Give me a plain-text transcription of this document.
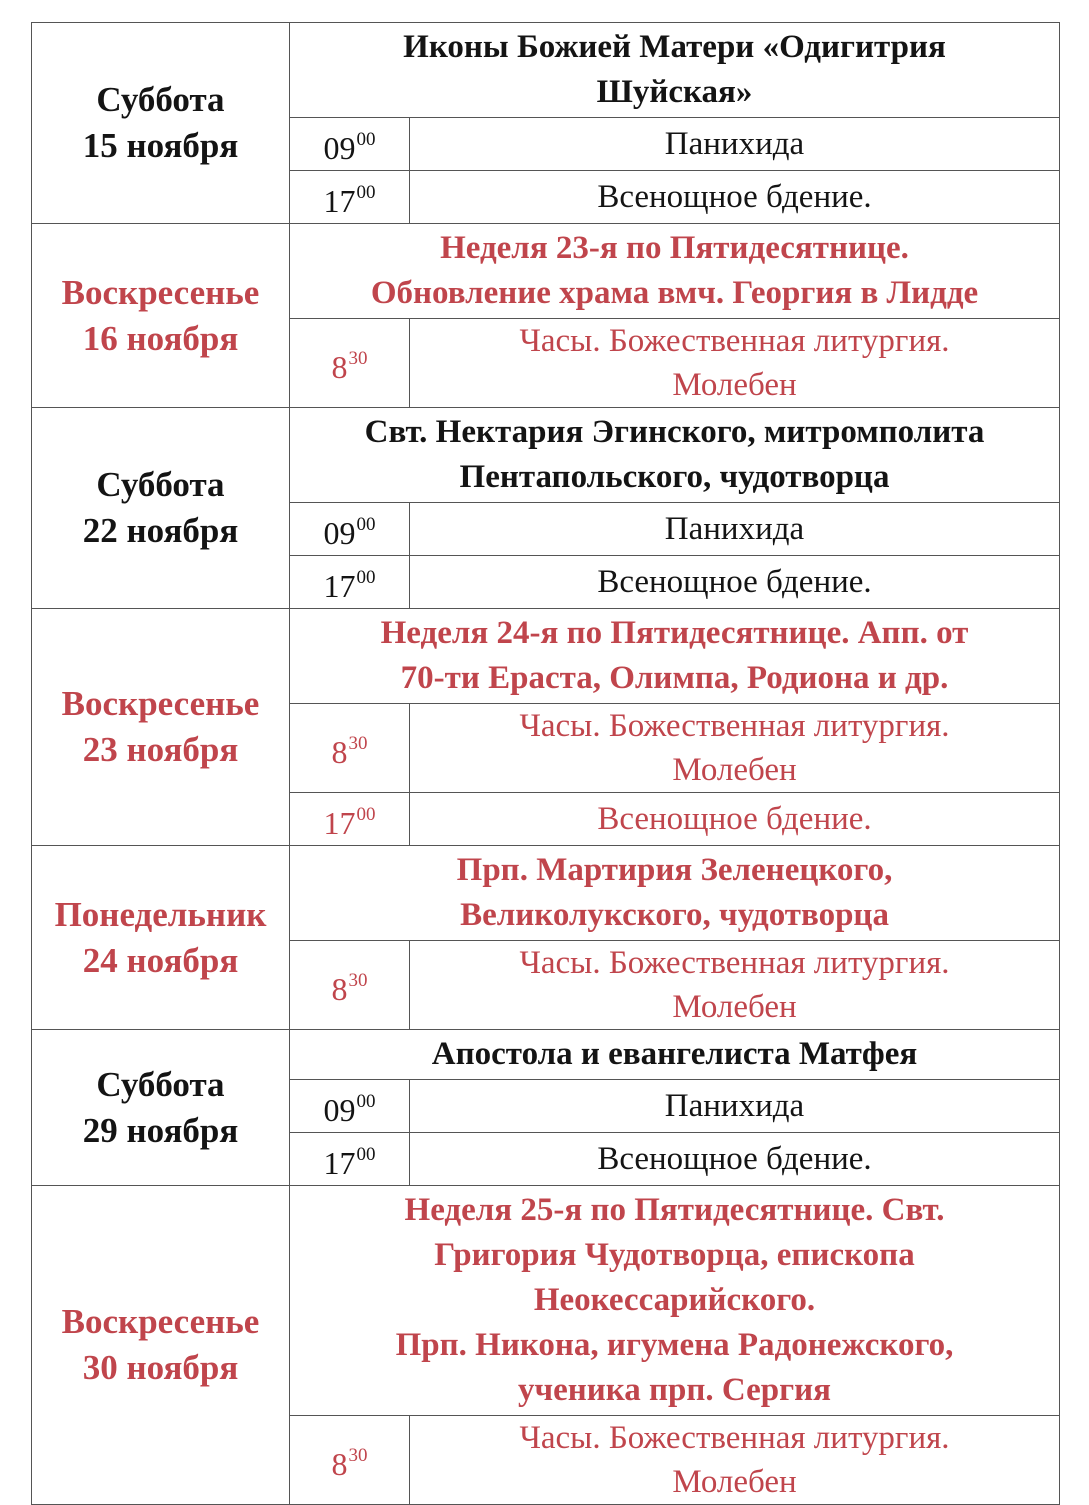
Суббота
15 ноября	Иконы Божией Матери «Одигитрия
Шуйская»	

	$09^{00}$	Панихида

	$17^{00}$	Всенощное бдение.

Воскресенье
16 ноября	Неделя 23-я по Пятидесятнице.
Обновление храма вмч. Георгия в Лидде	

	$8^{30}$	Часы. Божественная литургия.
Молебен

Суббота
22 ноября	Свт. Нектария Эгинского, митромполита
Пентапольского, чудотворца	

	$09^{00}$	Панихида

	$17^{00}$	Всенощное бдение.

Воскресенье
23 ноября	Неделя 24-я по Пятидесятнице. Апп. от
70-ти Ераста, Олимпа, Родиона и др.	

	$8^{30}$	Часы. Божественная литургия.
Молебен

	$17^{00}$	Всенощное бдение.

Понедельник
24 ноября	Прп. Мартирия Зеленецкого,
Великолукского, чудотворца	

	$8^{30}$	Часы. Божественная литургия.
Молебен

Суббота
29 ноября	Апостола и евангелиста Матфея	

	$09^{00}$	Панихида

	$17^{00}$	Всенощное бдение.

Воскресенье
30 ноября	Неделя 25-я по Пятидесятнице. Свт.
Григория Чудотворца, епископа
Неокессарийского.
Прп. Никона, игумена Радонежского,
ученика прп. Сергия	

	$8^{30}$	Часы. Божественная литургия.
Молебен
